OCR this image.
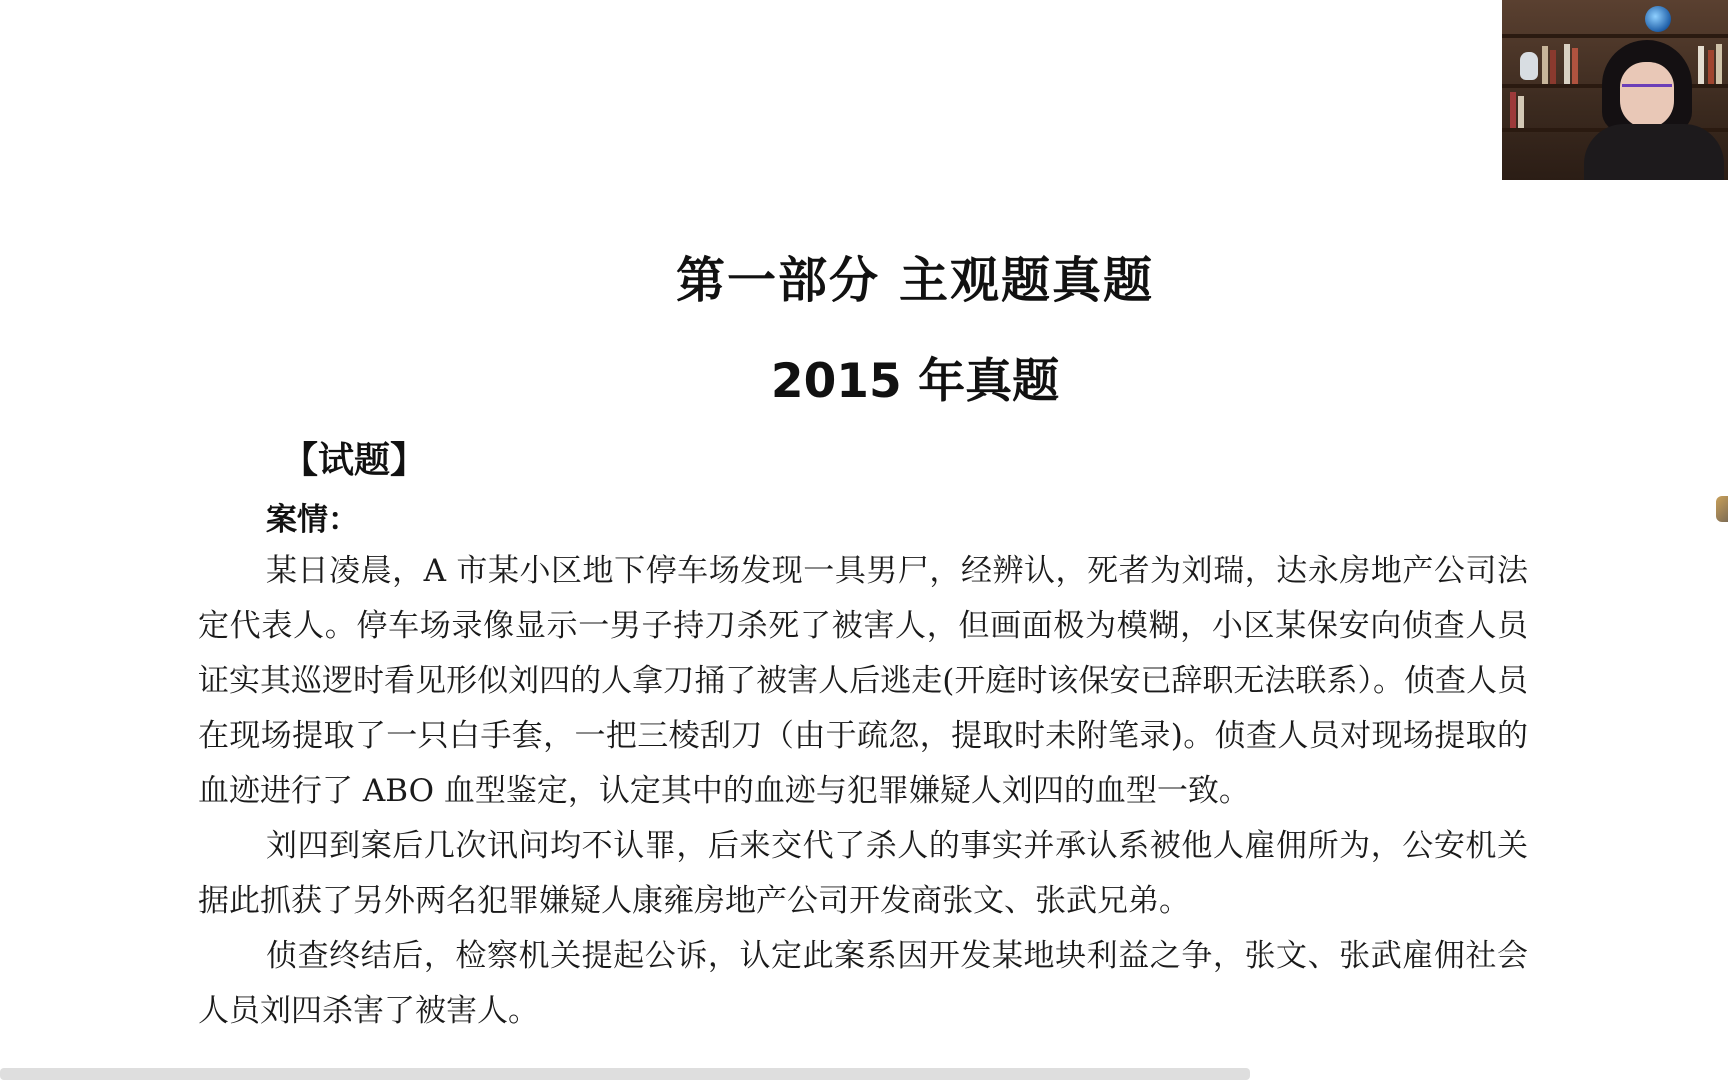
第一部分 主观题真题
2015 年真题
【试题】
案情：

某日凌晨，A 市某小区地下停车场发现一具男尸，经辨认，死者为刘瑞，达永房地产公司法定代表人。停车场录像显示一男子持刀杀死了被害人，但画面极为模糊，小区某保安向侦查人员证实其巡逻时看见形似刘四的人拿刀捅了被害人后逃走(开庭时该保安已辞职无法联系）。侦查人员在现场提取了一只白手套，一把三棱刮刀（由于疏忽，提取时未附笔录)。侦查人员对现场提取的血迹进行了 ABO 血型鉴定，认定其中的血迹与犯罪嫌疑人刘四的血型一致。

刘四到案后几次讯问均不认罪，后来交代了杀人的事实并承认系被他人雇佣所为，公安机关据此抓获了另外两名犯罪嫌疑人康雍房地产公司开发商张文、张武兄弟。

侦查终结后，检察机关提起公诉，认定此案系因开发某地块利益之争，张文、张武雇佣社会人员刘四杀害了被害人。
